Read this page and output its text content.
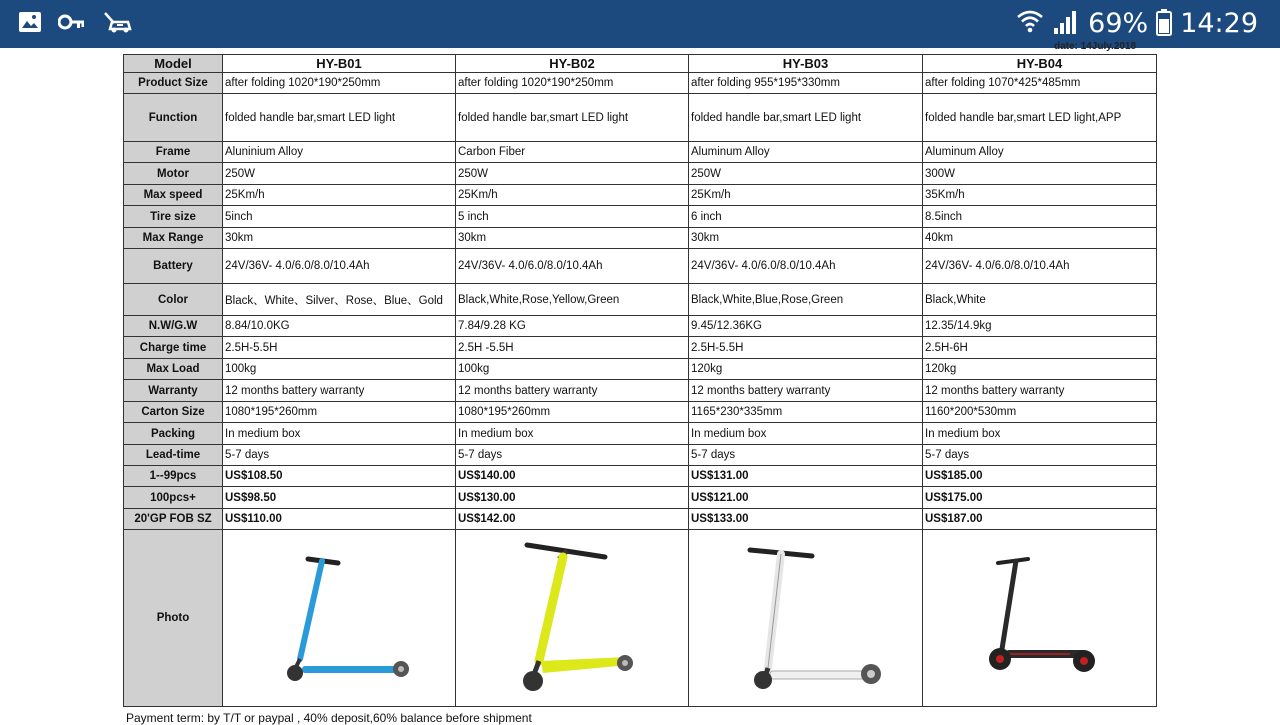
69% 14:29
date: 14July.2018
Model	HY-B01	HY-B02	HY-B03	HY-B04
Product Size	after folding 1020*190*250mm	after folding 1020*190*250mm	after folding 955*195*330mm	after folding 1070*425*485mm
Function	folded handle bar,smart LED light	folded handle bar,smart LED light	folded handle bar,smart LED light	folded handle bar,smart LED light,APP
Frame	Aluninium Alloy	Carbon Fiber	Aluminum Alloy	Aluminum Alloy
Motor	250W	250W	250W	300W
Max speed	25Km/h	25Km/h	25Km/h	35Km/h
Tire size	5inch	5 inch	6 inch	8.5inch
Max Range	30km	30km	30km	40km
Battery	24V/36V- 4.0/6.0/8.0/10.4Ah	24V/36V- 4.0/6.0/8.0/10.4Ah	24V/36V- 4.0/6.0/8.0/10.4Ah	24V/36V- 4.0/6.0/8.0/10.4Ah
Color	Black、White、Silver、Rose、Blue、Gold	Black,White,Rose,Yellow,Green	Black,White,Blue,Rose,Green	Black,White
N.W/G.W	8.84/10.0KG	7.84/9.28 KG	9.45/12.36KG	12.35/14.9kg
Charge time	2.5H-5.5H	2.5H -5.5H	2.5H-5.5H	2.5H-6H
Max Load	100kg	100kg	120kg	120kg
Warranty	12 months battery warranty	12 months battery warranty	12 months battery warranty	12 months battery warranty
Carton Size	1080*195*260mm	1080*195*260mm	1165*230*335mm	1160*200*530mm
Packing	In medium box	In medium box	In medium box	In medium box
Lead-time	5-7 days	5-7 days	5-7 days	5-7 days
1--99pcs	US$108.50	US$140.00	US$131.00	US$185.00
100pcs+	US$98.50	US$130.00	US$121.00	US$175.00
20'GP FOB SZ	US$110.00	US$142.00	US$133.00	US$187.00
Photo				
Payment term: by T/T or paypal , 40% deposit,60% balance before shipment
